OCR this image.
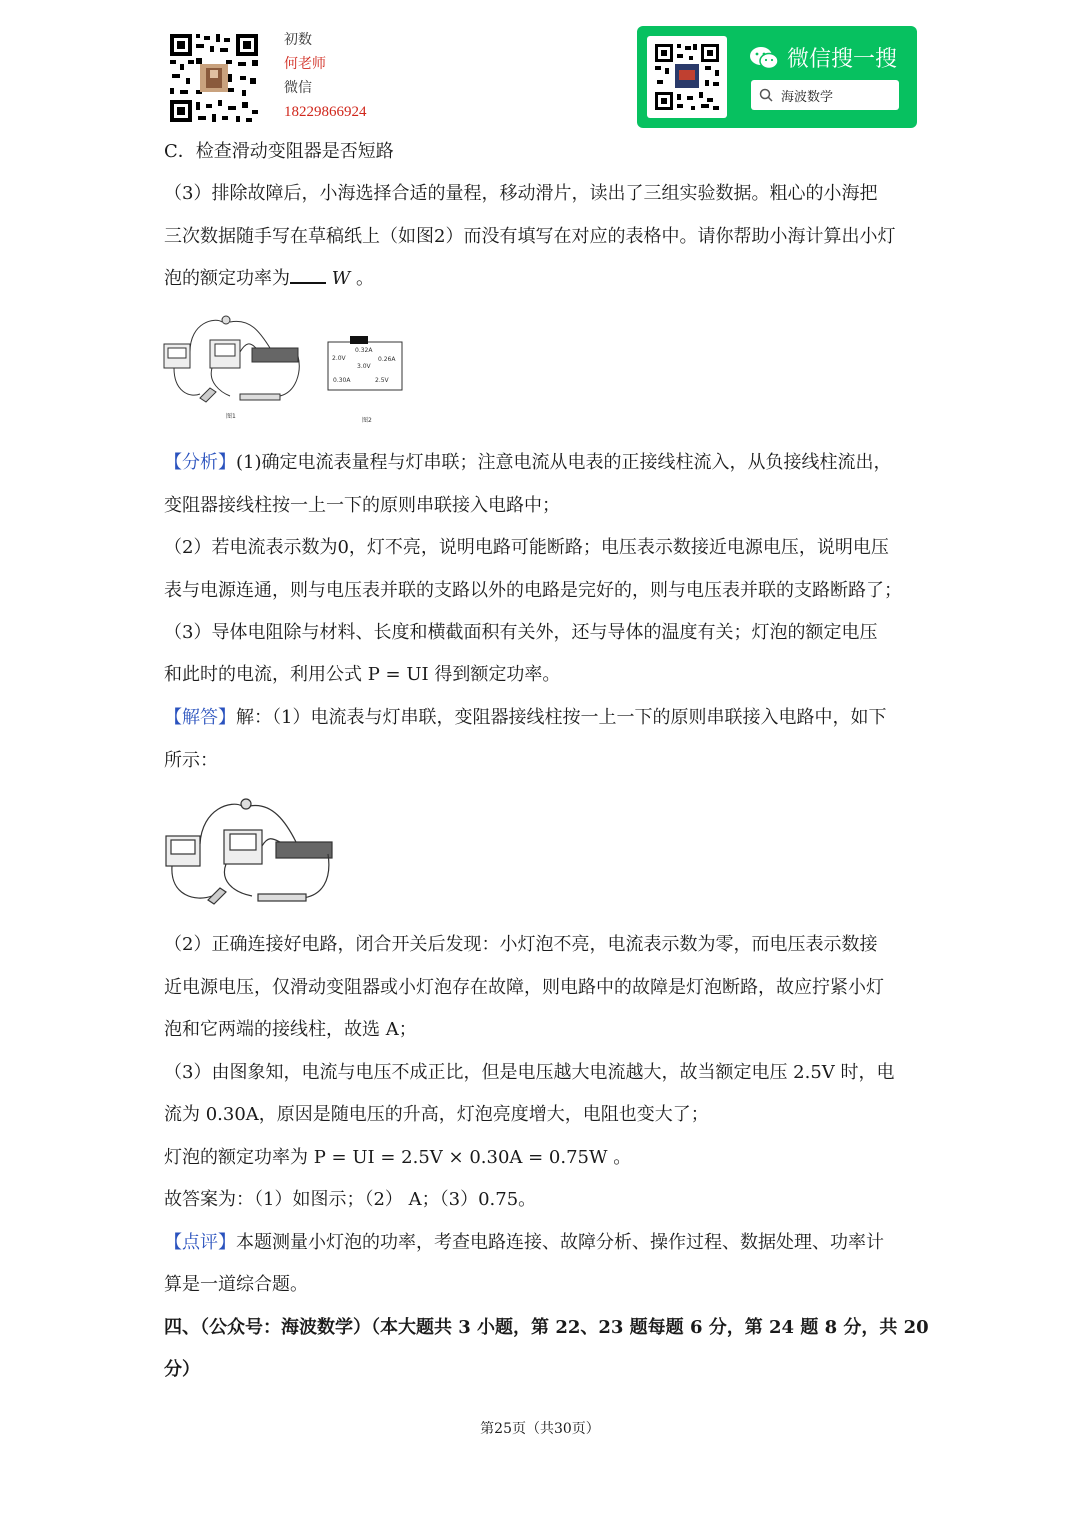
初数
何老师
微信
18229866924
微信搜一搜
海波数学
C．检查滑动变阻器是否短路
（3）排除故障后，小海选择合适的量程，移动滑片，读出了三组实验数据。粗心的小海把
三次数据随手写在草稿纸上（如图2）而没有填写在对应的表格中。请你帮助小海计算出小灯
泡的额定功率为 W 。
图1
0.32A
2.0V	0.26A
3.0V
0.30A	2.5V
图2
【分析】(1)确定电流表量程与灯串联；注意电流从电表的正接线柱流入，从负接线柱流出，
变阻器接线柱按一上一下的原则串联接入电路中；
（2）若电流表示数为0，灯不亮，说明电路可能断路；电压表示数接近电源电压，说明电压
表与电源连通，则与电压表并联的支路以外的电路是完好的，则与电压表并联的支路断路了；
（3）导体电阻除与材料、长度和横截面积有关外，还与导体的温度有关；灯泡的额定电压
和此时的电流，利用公式 P = UI 得到额定功率。
【解答】解：（1）电流表与灯串联，变阻器接线柱按一上一下的原则串联接入电路中，如下
所示：
（2）正确连接好电路，闭合开关后发现：小灯泡不亮，电流表示数为零，而电压表示数接
近电源电压，仅滑动变阻器或小灯泡存在故障，则电路中的故障是灯泡断路，故应拧紧小灯
泡和它两端的接线柱，故选 A；
（3）由图象知，电流与电压不成正比，但是电压越大电流越大，故当额定电压 2.5V 时，电
流为 0.30A，原因是随电压的升高，灯泡亮度增大，电阻也变大了；
灯泡的额定功率为 P = UI = 2.5V × 0.30A = 0.75W 。
故答案为：（1）如图示；（2） A；（3）0.75。
【点评】本题测量小灯泡的功率，考查电路连接、故障分析、操作过程、数据处理、功率计
算是一道综合题。
四、（公众号：海波数学）（本大题共 3 小题，第 22、23 题每题 6 分，第 24 题 8 分，共 20
分）
第25页（共30页）
